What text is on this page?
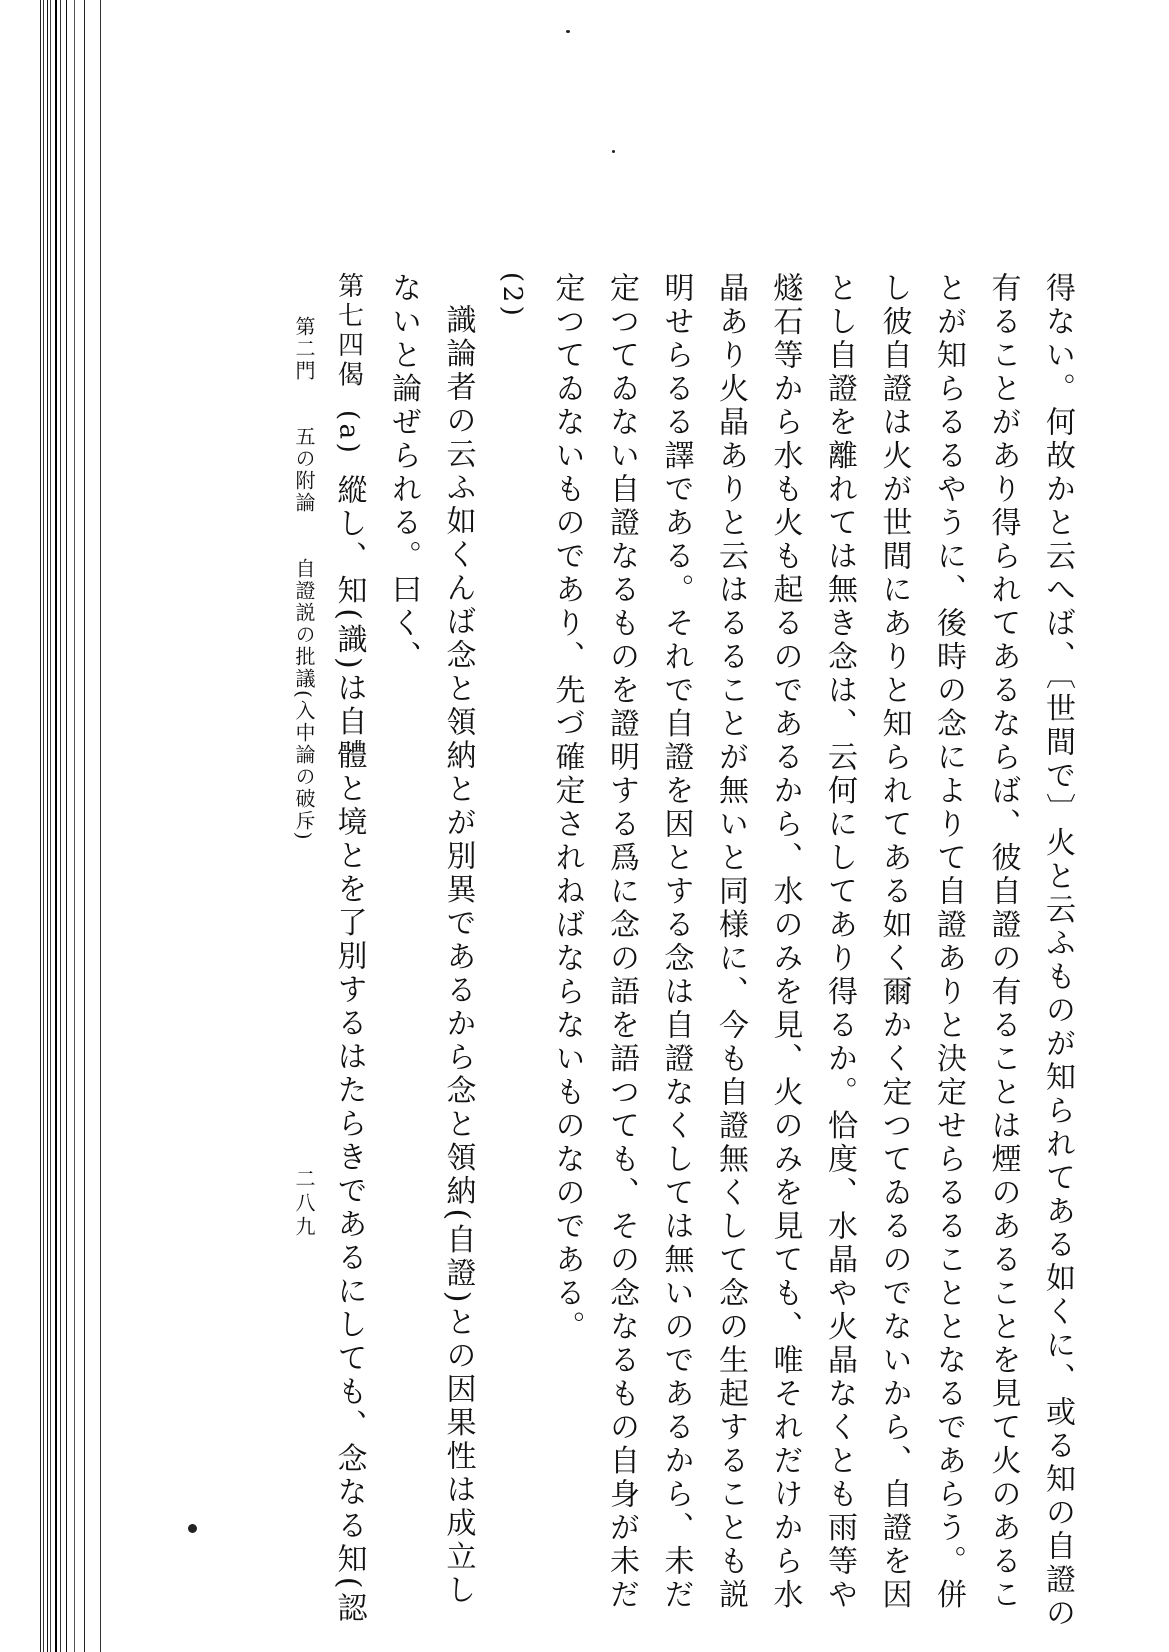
得ない。何故かと云へば、〔世間で〕火と云ふものが知られてある如くに、或る知の自證の
有ることがあり得られてあるならば、彼自證の有ることは煙のあることを見て火のあるこ
とが知らるるやうに、後時の念によりて自證ありと決定せらるることとなるであらう。併
し彼自證は火が世間にありと知られてある如く爾かく定つてゐるのでないから、自證を因
とし自證を離れては無き念は、云何にしてあり得るか。恰度、水晶や火晶なくとも雨等や
燧石等から水も火も起るのであるから、水のみを見、火のみを見ても、唯それだけから水
晶あり火晶ありと云はるることが無いと同様に、今も自證無くして念の生起することも説
明せらるる譯である。それで自證を因とする念は自證なくしては無いのであるから、未だ
定つてゐない自證なるものを證明する爲に念の語を語つても、その念なるもの自身が未だ
定つてゐないものであり、先づ確定されねばならないものなのである。
(2)
識論者の云ふ如くんば念と領納とが別異であるから念と領納(自證)との因果性は成立し
ないと論ぜられる。曰く、
第七四偈(a)縱し、知(識)は自體と境とを了別するはたらきであるにしても、念なる知(認
第二門五の附論自證説の批議(入中論の破斥)
二八九
